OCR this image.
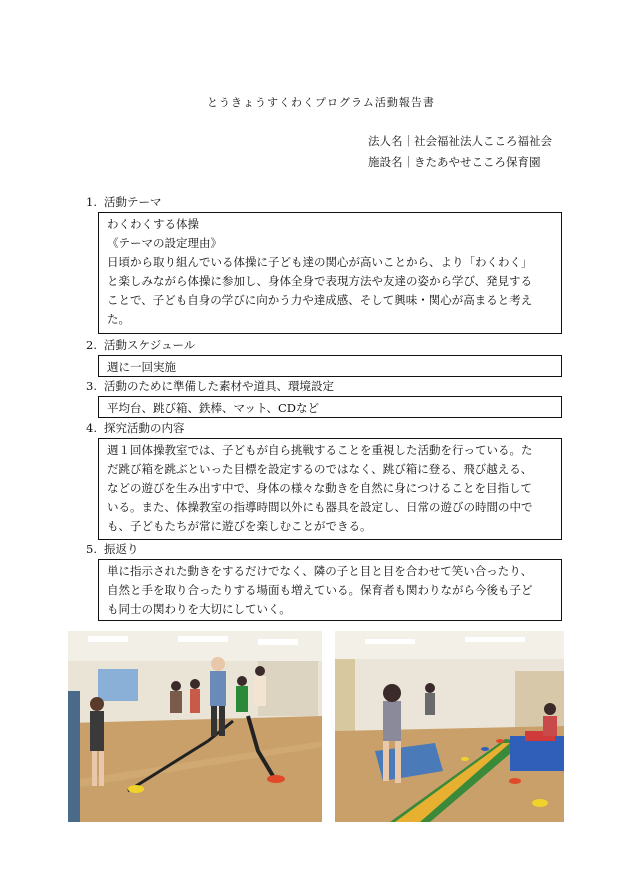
とうきょうすくわくプログラム活動報告書
法人名｜社会福祉法人こころ福祉会
施設名｜きたあやせこころ保育園
1. 活動テーマ

わくわくする体操

《テーマの設定理由》

日頃から取り組んでいる体操に子ども達の関心が高いことから、より「わくわく」

と楽しみながら体操に参加し、身体全身で表現方法や友達の姿から学び、発見する

ことで、子ども自身の学びに向かう力や達成感、そして興味・関心が高まると考え

た。

2. 活動スケジュール

週に一回実施

3. 活動のために準備した素材や道具、環境設定

平均台、跳び箱、鉄棒、マット、CDなど

4. 探究活動の内容

週１回体操教室では、子どもが自ら挑戦することを重視した活動を行っている。た

だ跳び箱を跳ぶといった目標を設定するのではなく、跳び箱に登る、飛び越える、

などの遊びを生み出す中で、身体の様々な動きを自然に身につけることを目指して

いる。また、体操教室の指導時間以外にも器具を設定し、日常の遊びの時間の中で

も、子どもたちが常に遊びを楽しむことができる。

5. 振返り

単に指示された動きをするだけでなく、隣の子と目と目を合わせて笑い合ったり、

自然と手を取り合ったりする場面も増えている。保育者も関わりながら今後も子ど

も同士の関わりを大切にしていく。
